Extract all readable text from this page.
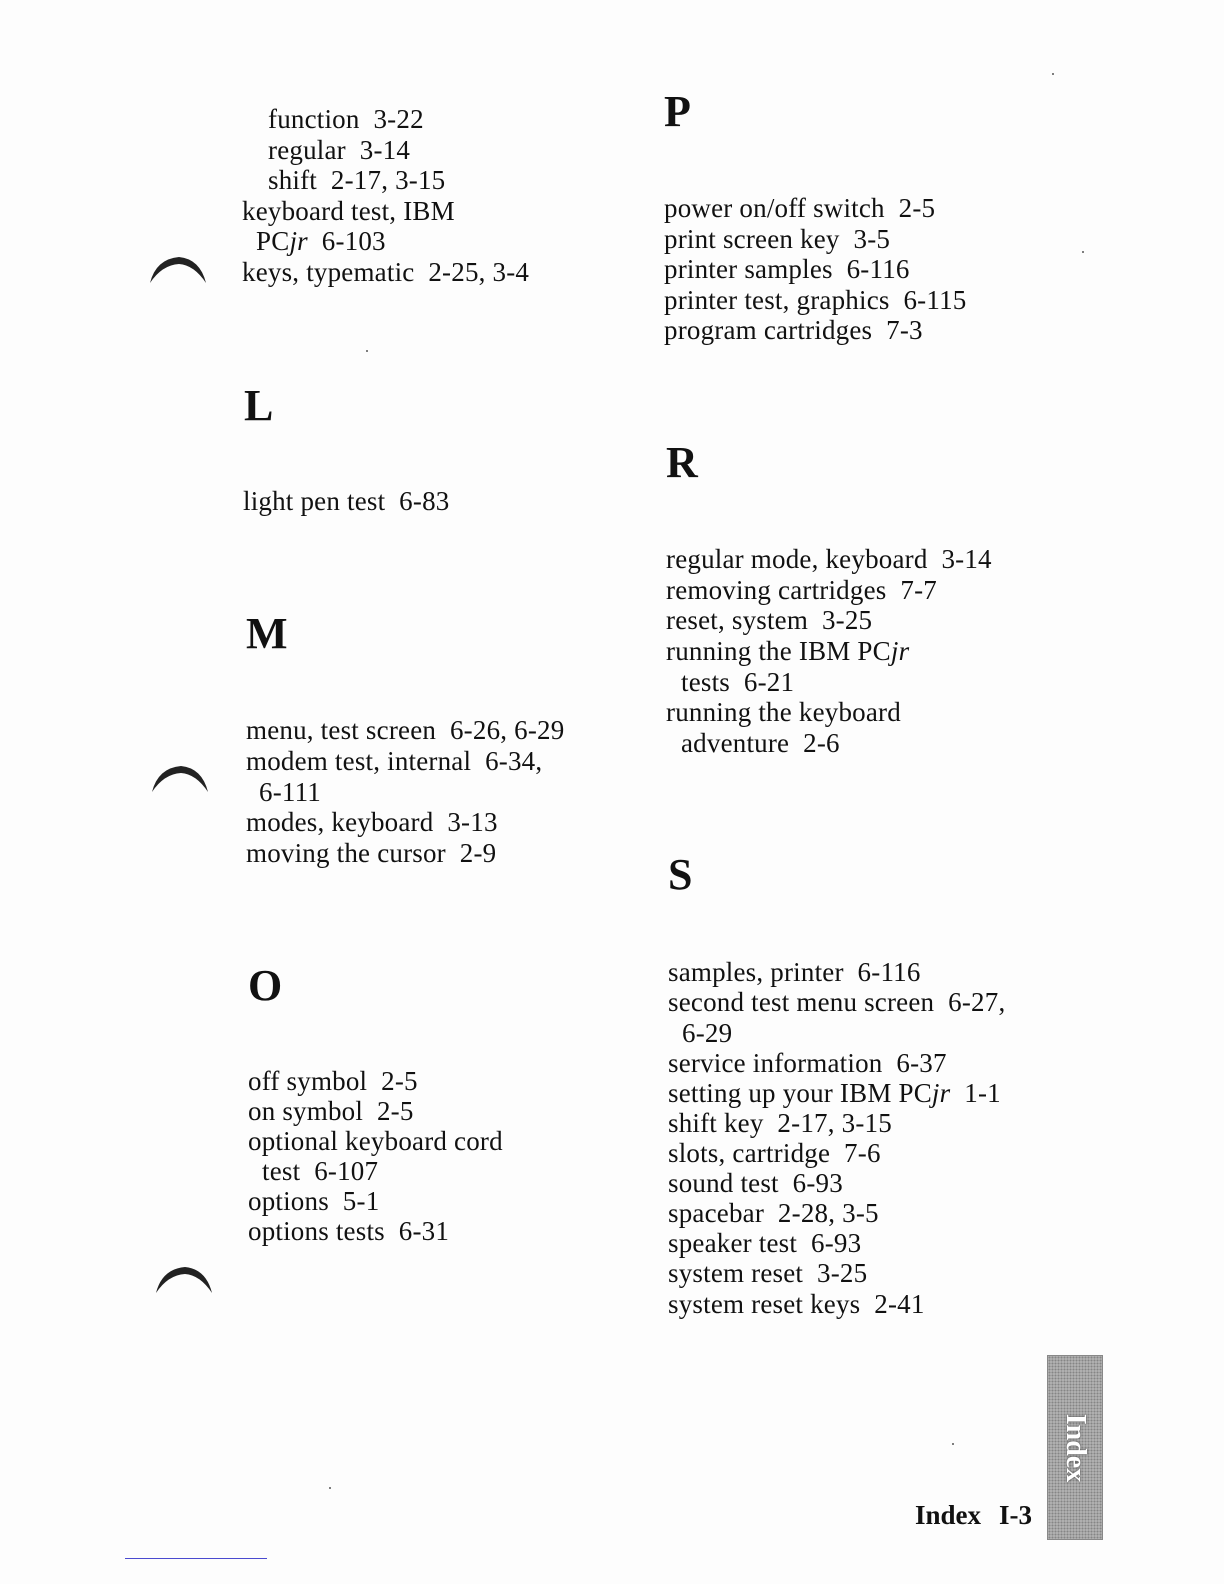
function  3-22
regular  3-14
shift  2-17, 3-15
keyboard test, IBM
PCjr  6-103
keys, typematic  2-25, 3-4
L
light pen test  6-83
M
menu, test screen  6-26, 6-29
modem test, internal  6-34,
6-111
modes, keyboard  3-13
moving the cursor  2-9
O
off symbol  2-5
on symbol  2-5
optional keyboard cord
test  6-107
options  5-1
options tests  6-31
P
power on/off switch  2-5
print screen key  3-5
printer samples  6-116
printer test, graphics  6-115
program cartridges  7-3
R
regular mode, keyboard  3-14
removing cartridges  7-7
reset, system  3-25
running the IBM PCjr
tests  6-21
running the keyboard
adventure  2-6
S
samples, printer  6-116
second test menu screen  6-27,
6-29
service information  6-37
setting up your IBM PCjr  1-1
shift key  2-17, 3-15
slots, cartridge  7-6
sound test  6-93
spacebar  2-28, 3-5
speaker test  6-93
system reset  3-25
system reset keys  2-41
Index
Index I-3
